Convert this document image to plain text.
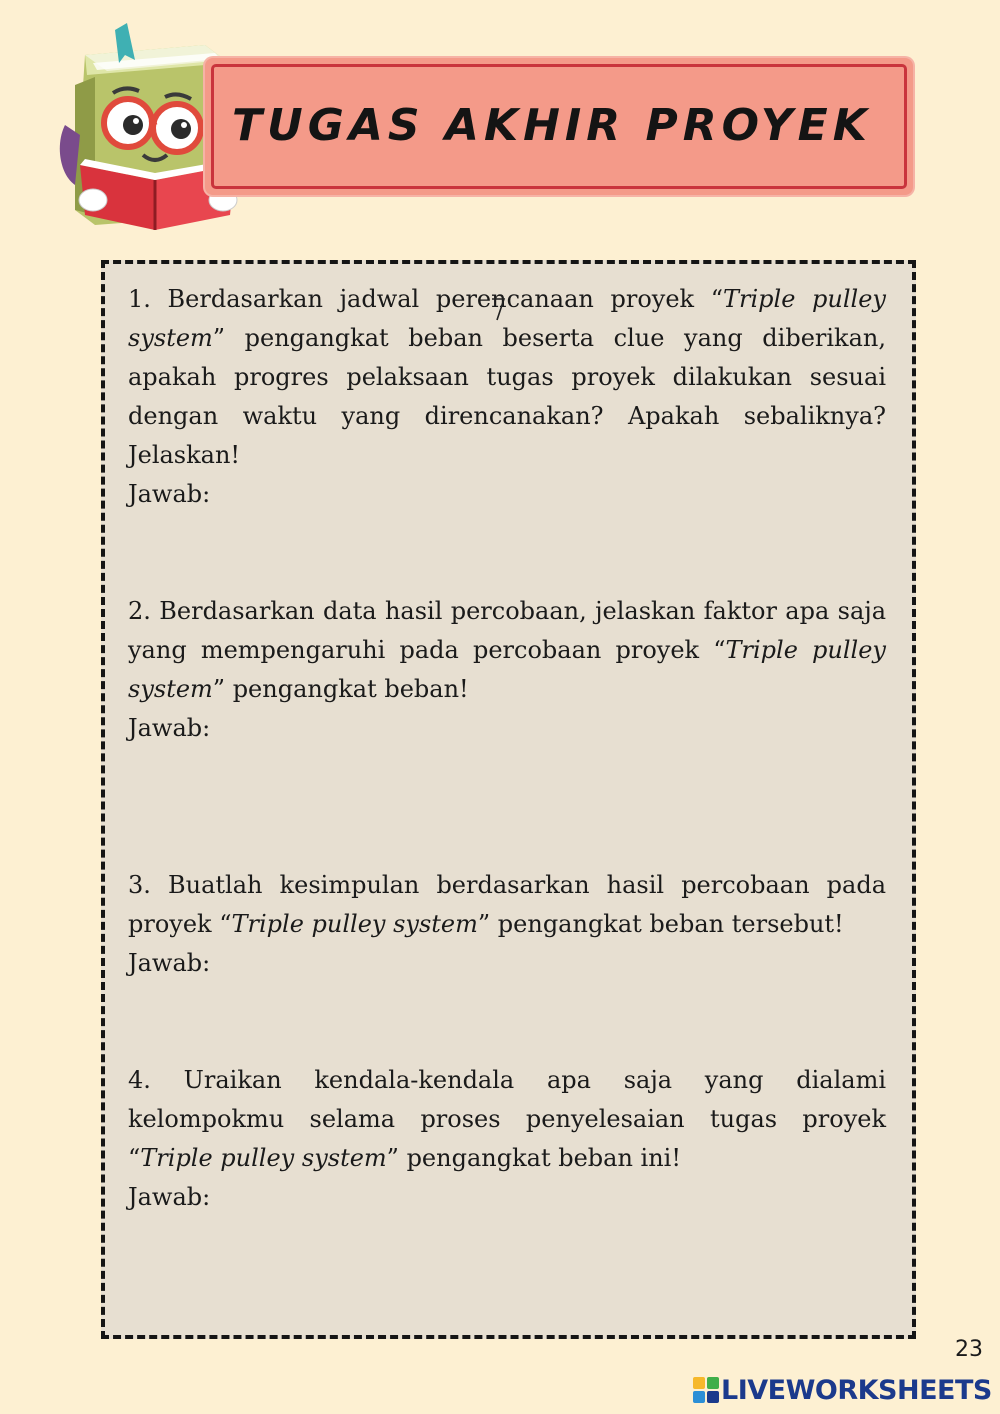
TUGAS AKHIR PROYEK
1. Berdasarkan jadwal perencanaan proyek “Triple pulley system” pengangkat beban beserta clue yang diberikan, apakah progres pelaksaan tugas proyek dilakukan sesuai dengan waktu yang direncanakan? Apakah sebaliknya? Jelaskan!
Jawab:
2. Berdasarkan data hasil percobaan, jelaskan faktor apa saja yang mempengaruhi pada percobaan proyek “Triple pulley system” pengangkat beban!
Jawab:
3. Buatlah kesimpulan berdasarkan hasil percobaan pada proyek “Triple pulley system” pengangkat beban tersebut!
Jawab:
4. Uraikan kendala-kendala apa saja yang dialami kelompokmu selama proses penyelesaian tugas proyek “Triple pulley system” pengangkat beban ini!
Jawab:
23
LIVEWORKSHEETS
